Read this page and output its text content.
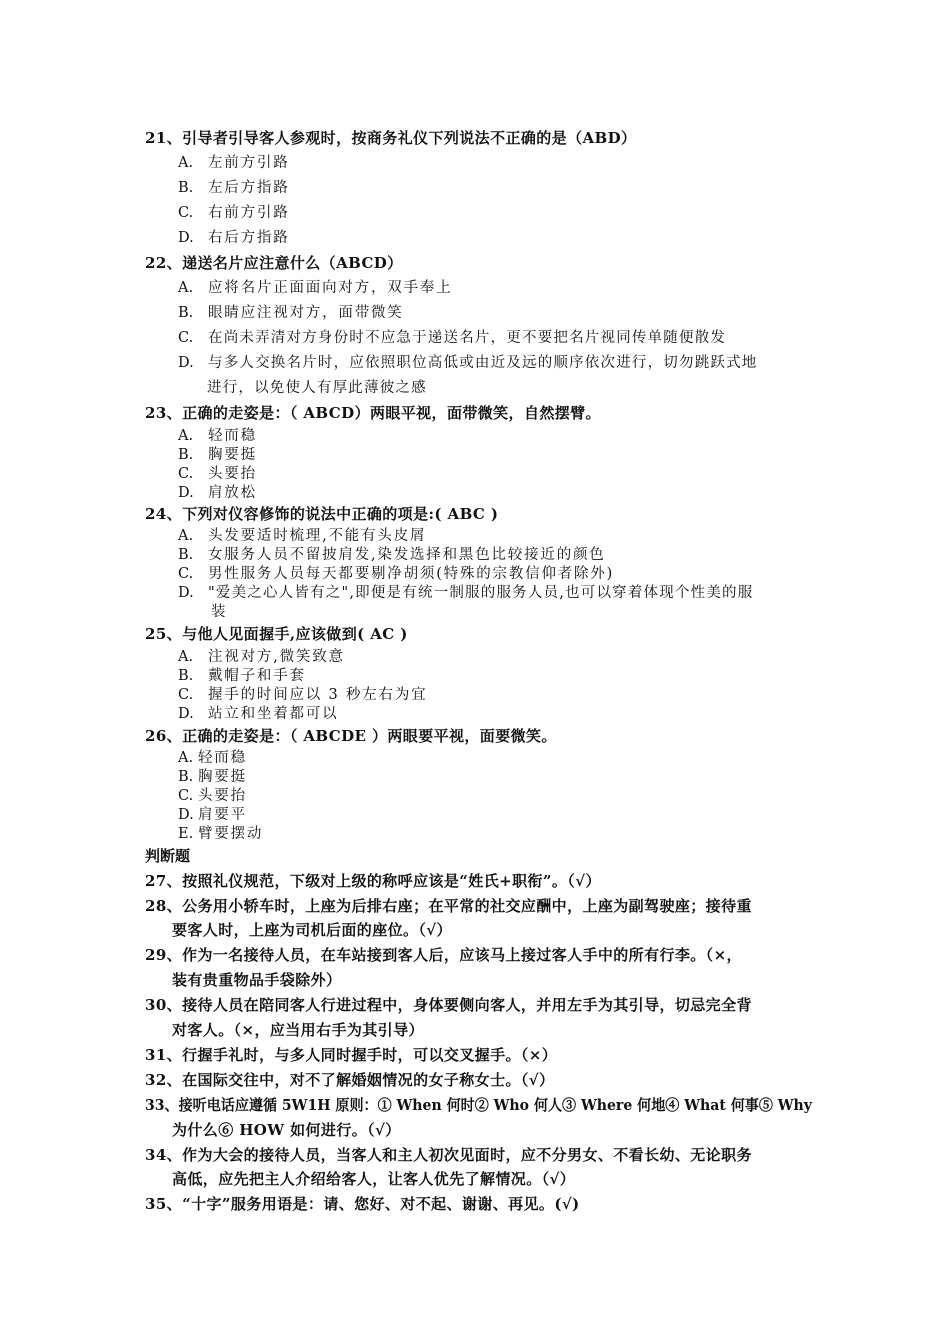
21、引导者引导客人参观时，按商务礼仪下列说法不正确的是（ABD）
A. 左前方引路
B. 左后方指路
C. 右前方引路
D. 右后方指路
22、递送名片应注意什么（ABCD）
A. 应将名片正面面向对方，双手奉上
B. 眼睛应注视对方，面带微笑
C. 在尚未弄清对方身份时不应急于递送名片，更不要把名片视同传单随便散发
D. 与多人交换名片时，应依照职位高低或由近及远的顺序依次进行，切勿跳跃式地
进行，以免使人有厚此薄彼之感
23、正确的走姿是：（ ABCD）两眼平视，面带微笑，自然摆臂。
A. 轻而稳
B. 胸要挺
C. 头要抬
D. 肩放松
24、下列对仪容修饰的说法中正确的项是:( ABC )
A. 头发要适时梳理,不能有头皮屑
B. 女服务人员不留披肩发,染发选择和黑色比较接近的颜色
C. 男性服务人员每天都要剔净胡须(特殊的宗教信仰者除外)
D. "爱美之心人皆有之",即便是有统一制服的服务人员,也可以穿着体现个性美的服
装
25、与他人见面握手,应该做到( AC )
A. 注视对方,微笑致意
B. 戴帽子和手套
C. 握手的时间应以 3 秒左右为宜
D. 站立和坐着都可以
26、正确的走姿是：（ ABCDE ）两眼要平视，面要微笑。
A. 轻而稳
B. 胸要挺
C. 头要抬
D. 肩要平
E. 臂要摆动
判断题
27、按照礼仪规范，下级对上级的称呼应该是“姓氏+职衔”。（√）
28、公务用小轿车时，上座为后排右座；在平常的社交应酬中，上座为副驾驶座；接待重
要客人时，上座为司机后面的座位。（√）
29、作为一名接待人员，在车站接到客人后，应该马上接过客人手中的所有行李。（×，
装有贵重物品手袋除外）
30、接待人员在陪同客人行进过程中，身体要侧向客人，并用左手为其引导，切忌完全背
对客人。（×，应当用右手为其引导）
31、行握手礼时，与多人同时握手时，可以交叉握手。（×）
32、在国际交往中，对不了解婚姻情况的女子称女士。（√）
33、接听电话应遵循 5W1H 原则：① When 何时② Who 何人③ Where 何地④ What 何事⑤ Why
为什么⑥ HOW 如何进行。（√）
34、作为大会的接待人员，当客人和主人初次见面时，应不分男女、不看长幼、无论职务
高低，应先把主人介绍给客人，让客人优先了解情况。（√）
35、“十字”服务用语是：请、您好、对不起、谢谢、再见。(√)
